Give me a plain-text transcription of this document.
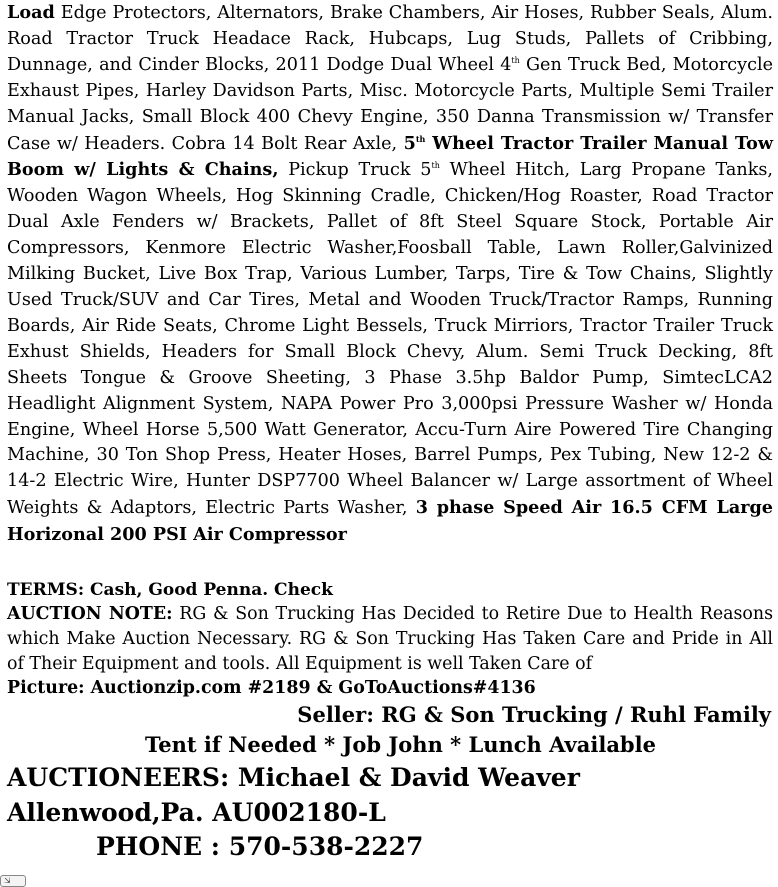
Load Edge Protectors, Alternators, Brake Chambers, Air Hoses, Rubber Seals, Alum. Road Tractor Truck Headace Rack, Hubcaps, Lug Studs, Pallets of Cribbing, Dunnage, and Cinder Blocks, 2011 Dodge Dual Wheel 4th Gen Truck Bed, Motorcycle Exhaust Pipes, Harley Davidson Parts, Misc. Motorcycle Parts, Multiple Semi Trailer Manual Jacks, Small Block 400 Chevy Engine, 350 Danna Transmission w/ Transfer Case w/ Headers. Cobra 14 Bolt Rear Axle, 5th Wheel Tractor Trailer Manual Tow Boom w/ Lights & Chains, Pickup Truck 5th Wheel Hitch, Larg Propane Tanks, Wooden Wagon Wheels, Hog Skinning Cradle, Chicken/Hog Roaster, Road Tractor Dual Axle Fenders w/ Brackets, Pallet of 8ft Steel Square Stock, Portable Air Compressors, Kenmore Electric Washer,Foosball Table, Lawn Roller,Galvinized Milking Bucket, Live Box Trap, Various Lumber, Tarps, Tire & Tow Chains, Slightly Used Truck/SUV and Car Tires, Metal and Wooden Truck/Tractor Ramps, Running Boards, Air Ride Seats, Chrome Light Bessels, Truck Mirriors, Tractor Trailer Truck Exhust Shields, Headers for Small Block Chevy, Alum. Semi Truck Decking, 8ft Sheets Tongue & Groove Sheeting, 3 Phase 3.5hp Baldor Pump, SimtecLCA2 Headlight Alignment System, NAPA Power Pro 3,000psi Pressure Washer w/ Honda Engine, Wheel Horse 5,500 Watt Generator, Accu-Turn Aire Powered Tire Changing Machine, 30 Ton Shop Press, Heater Hoses, Barrel Pumps, Pex Tubing, New 12-2 & 14-2 Electric Wire, Hunter DSP7700 Wheel Balancer w/ Large assortment of Wheel Weights & Adaptors, Electric Parts Washer, 3 phase Speed Air 16.5 CFM Large Horizonal 200 PSI Air Compressor

TERMS: Cash, Good Penna. Check

AUCTION NOTE: RG & Son Trucking Has Decided to Retire Due to Health Reasons which Make Auction Necessary. RG & Son Trucking Has Taken Care and Pride in All of Their Equipment and tools. All Equipment is well Taken Care of

Picture: Auctionzip.com #2189 & GoToAuctions#4136

Seller: RG & Son Trucking / Ruhl Family

Tent if Needed * Job John * Lunch Available

AUCTIONEERS: Michael & David Weaver

Allenwood,Pa. AU002180-L

PHONE : 570-538-2227

⇲
